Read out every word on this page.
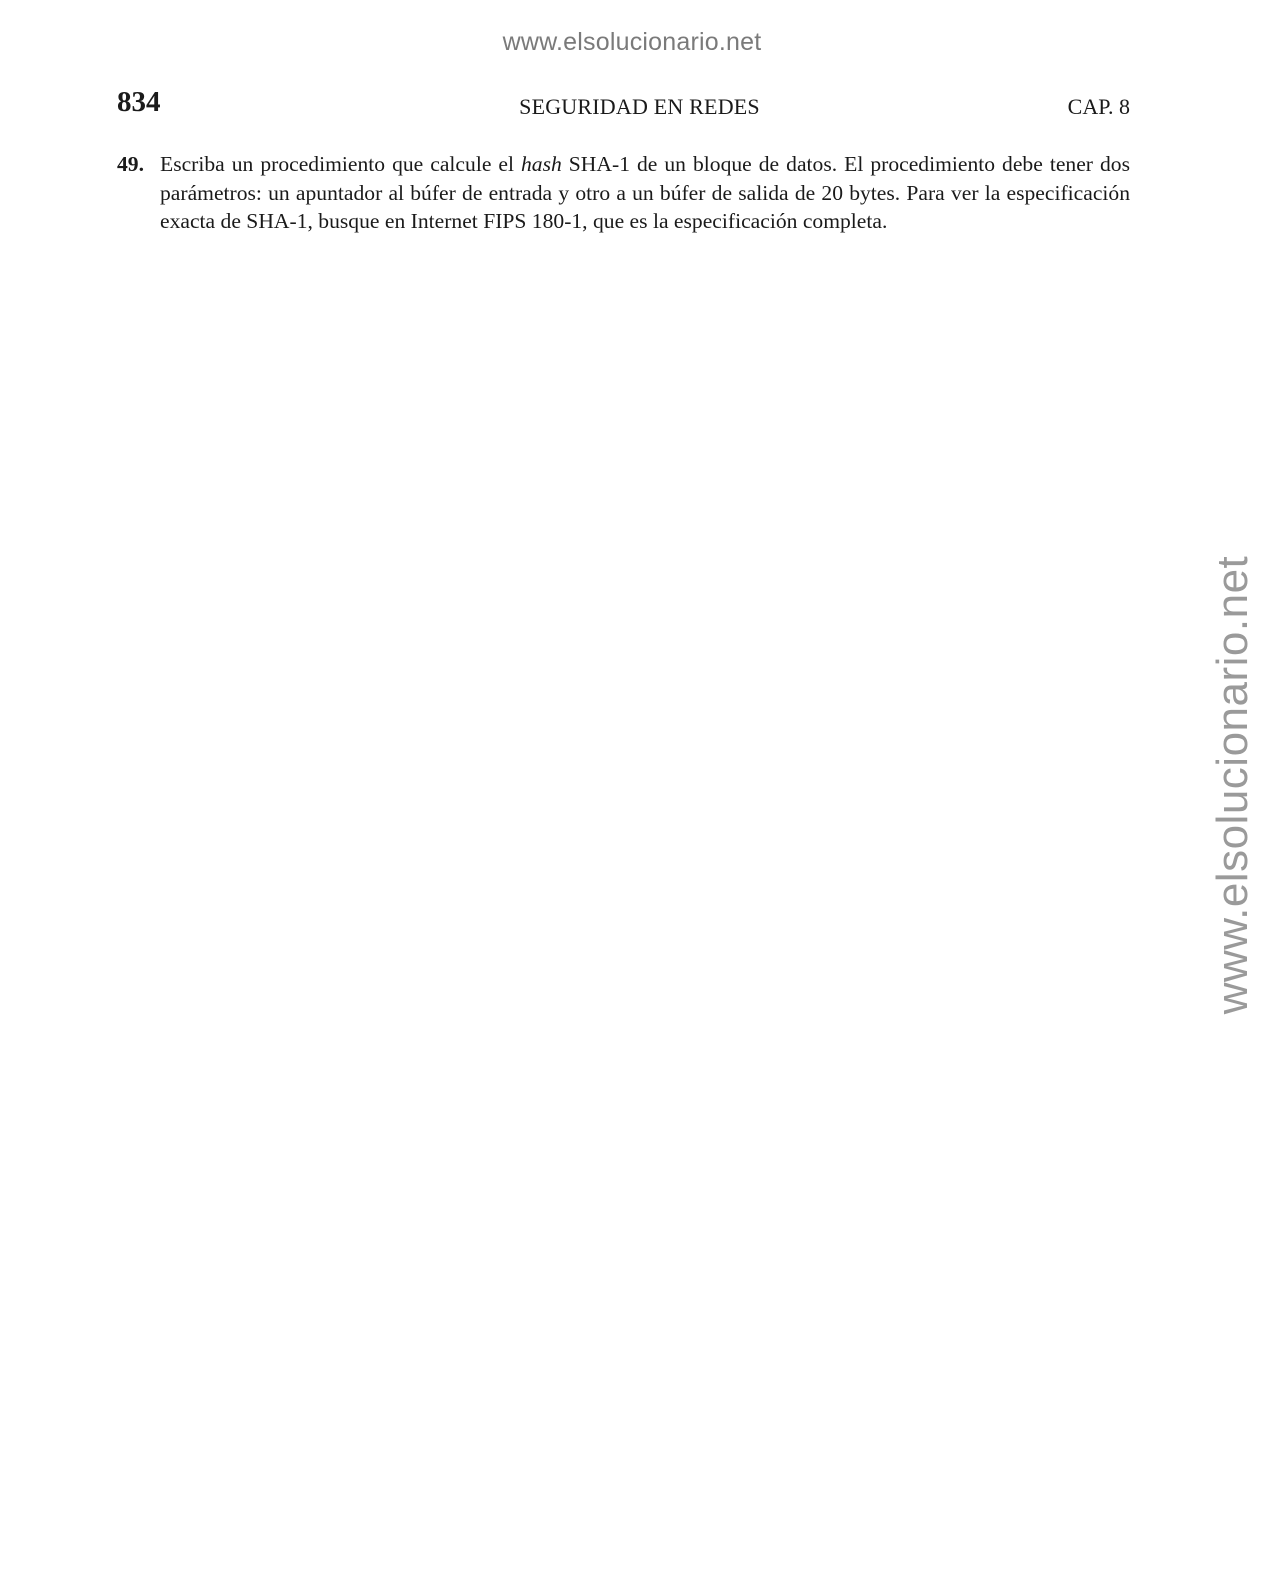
www.elsolucionario.net
www.elsolucionario.net
834	SEGURIDAD EN REDES	CAP. 8
49. Escriba un procedimiento que calcule el hash SHA-1 de un bloque de datos. El procedimiento debe tener dos parámetros: un apuntador al búfer de entrada y otro a un búfer de salida de 20 bytes. Para ver la especificación exacta de SHA-1, busque en Internet FIPS 180-1, que es la especificación completa.
